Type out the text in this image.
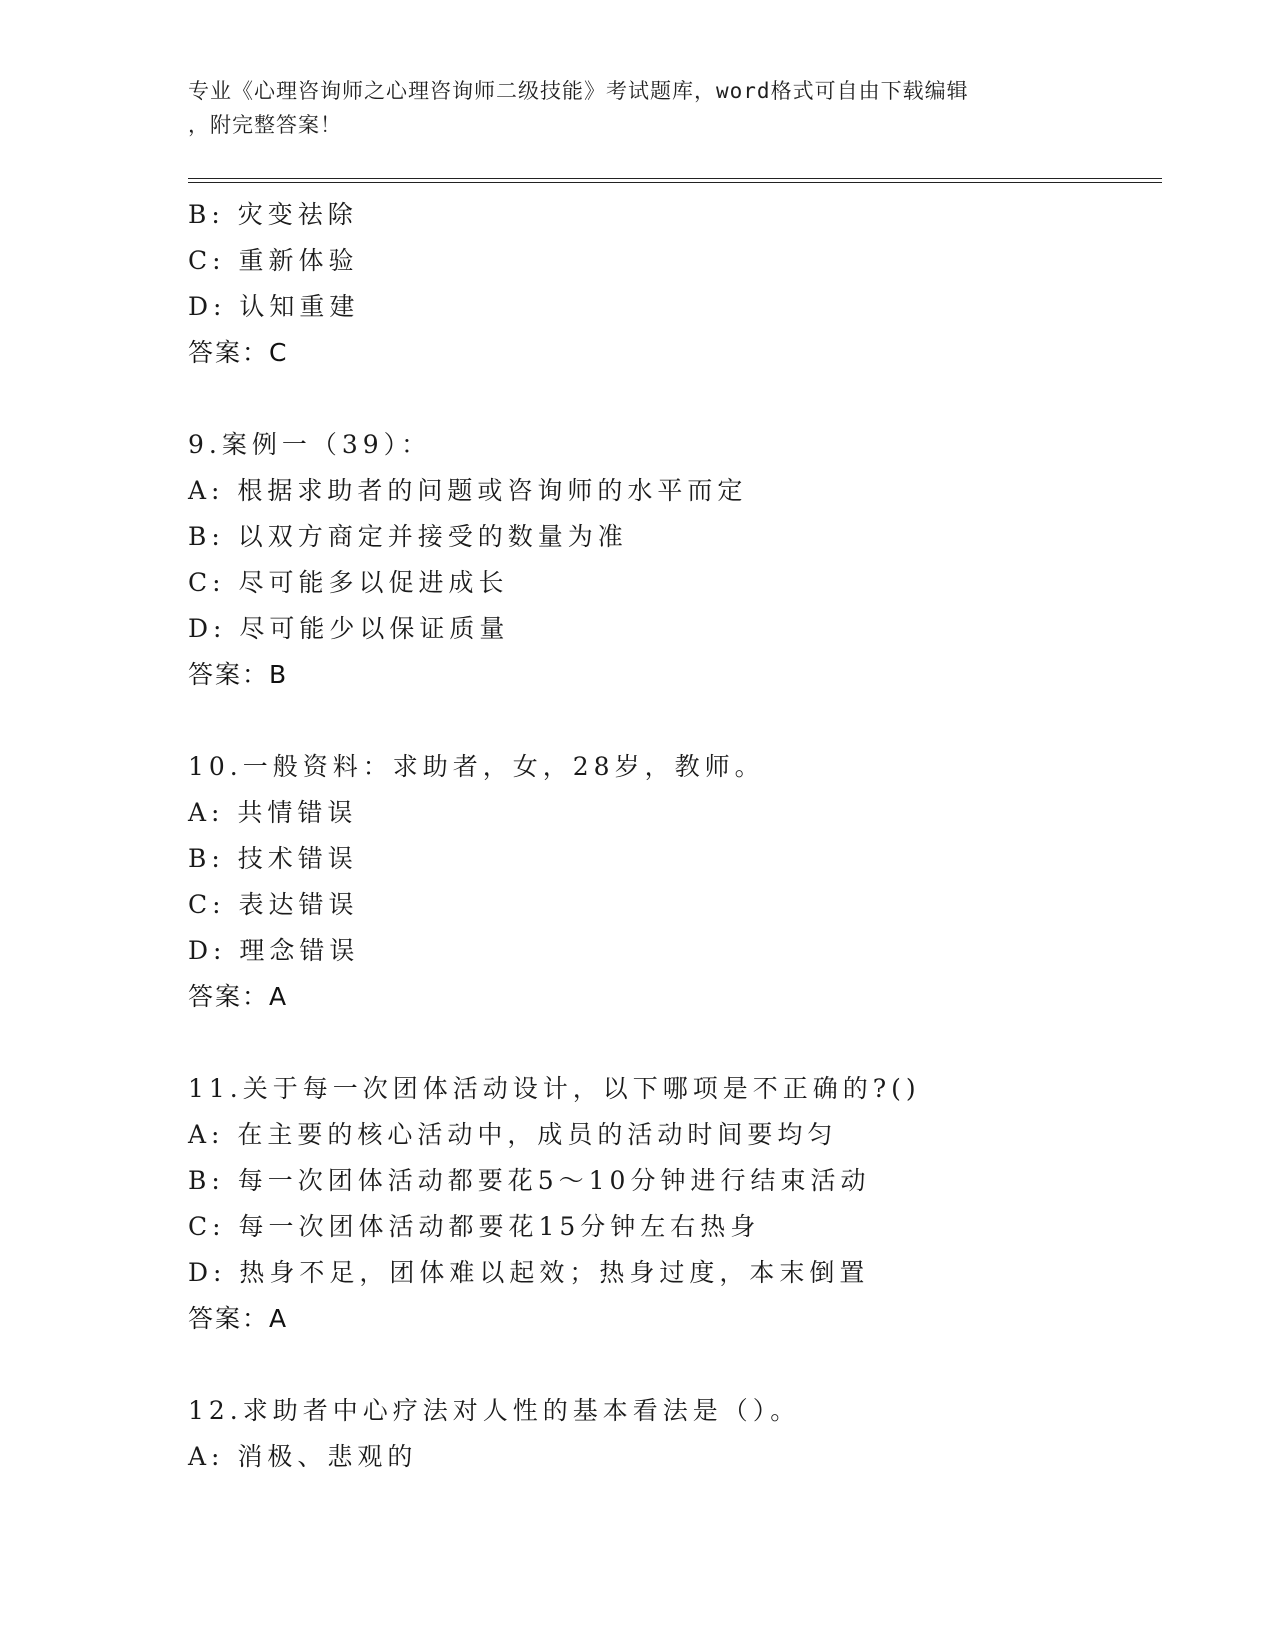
专业《心理咨询师之心理咨询师二级技能》考试题库，word格式可自由下载编辑
，附完整答案！
B: 灾变祛除
C: 重新体验
D: 认知重建
答案：C
9.案例一（39）：
A: 根据求助者的问题或咨询师的水平而定
B: 以双方商定并接受的数量为准
C: 尽可能多以促进成长
D: 尽可能少以保证质量
答案：B
10.一般资料：求助者，女，28岁，教师。
A: 共情错误
B: 技术错误
C: 表达错误
D: 理念错误
答案：A
11.关于每一次团体活动设计，以下哪项是不正确的?()
A: 在主要的核心活动中，成员的活动时间要均匀
B: 每一次团体活动都要花5～10分钟进行结束活动
C: 每一次团体活动都要花15分钟左右热身
D: 热身不足，团体难以起效；热身过度，本末倒置
答案：A
12.求助者中心疗法对人性的基本看法是（）。
A: 消极、悲观的
